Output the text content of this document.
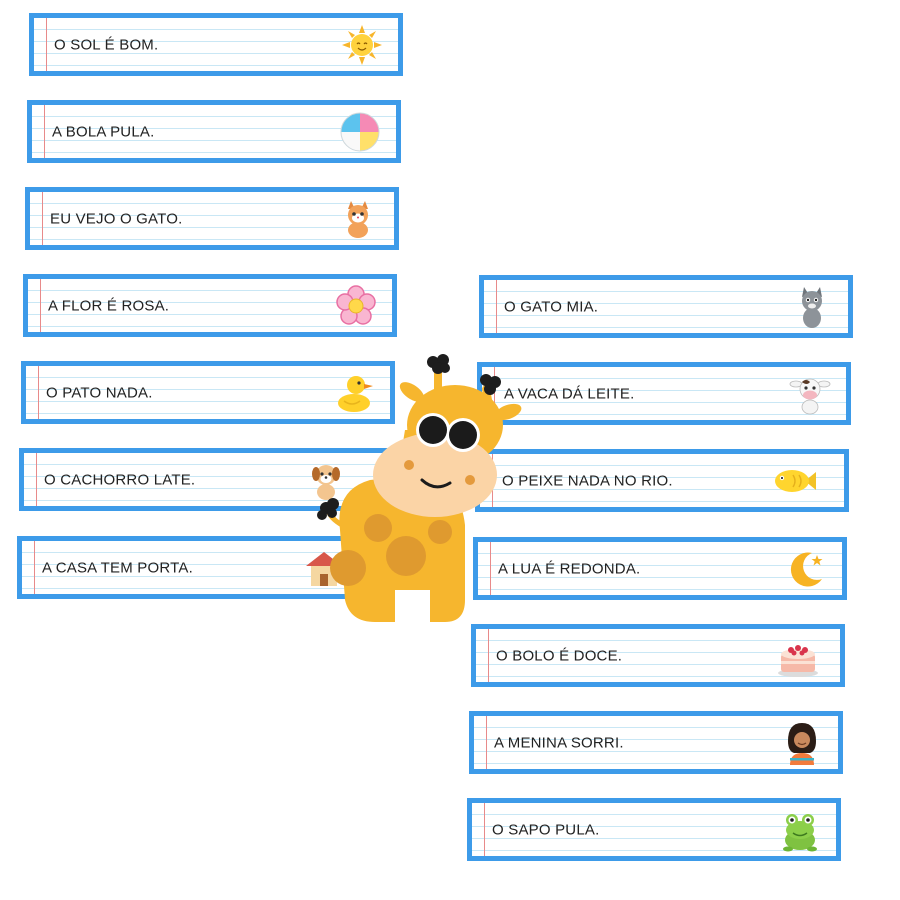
O SOL É BOM.
A BOLA PULA.
EU VEJO O GATO.
A FLOR É ROSA.
O PATO NADA.
O CACHORRO LATE.
A CASA TEM PORTA.
O GATO MIA.
A VACA DÁ LEITE.
O PEIXE NADA NO RIO.
A LUA É REDONDA.
O BOLO É DOCE.
A MENINA SORRI.
O SAPO PULA.
